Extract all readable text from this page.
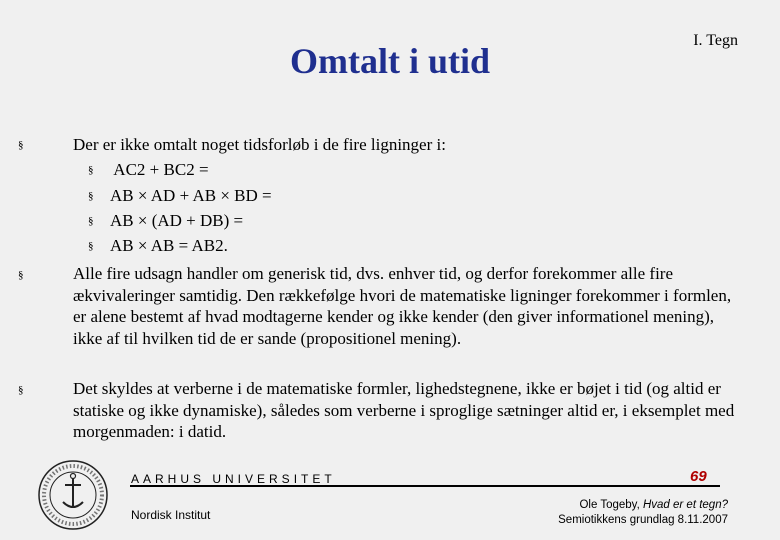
Omtalt i utid
I. Tegn
§	Der er ikke omtalt noget tidsforløb i de fire ligninger i:
§ AC2 + BC2 =
§ AB × AD + AB × BD =
§ AB × (AD + DB) =
§ AB × AB = AB2.
§	Alle fire udsagn handler om generisk tid, dvs. enhver tid, og derfor forekommer alle fire ækvivaleringer samtidig. Den rækkefølge hvori de matematiske ligninger forekommer i formlen, er alene bestemt af hvad modtagerne kender og ikke kender (den giver informationel mening), ikke af til hvilken tid de er sande (propositionel mening).
§	Det skyldes at verberne i de matematiske formler, lighedstegnene, ikke er bøjet i tid (og altid er statiske og ikke dynamiske), således som verberne i sproglige sætninger altid er, i eksemplet med morgenmaden: i datid.
AARHUS UNIVERSITET	69
Nordisk Institut
Ole Togeby, Hvad er et tegn?
Semiotikkens grundlag 8.11.2007
